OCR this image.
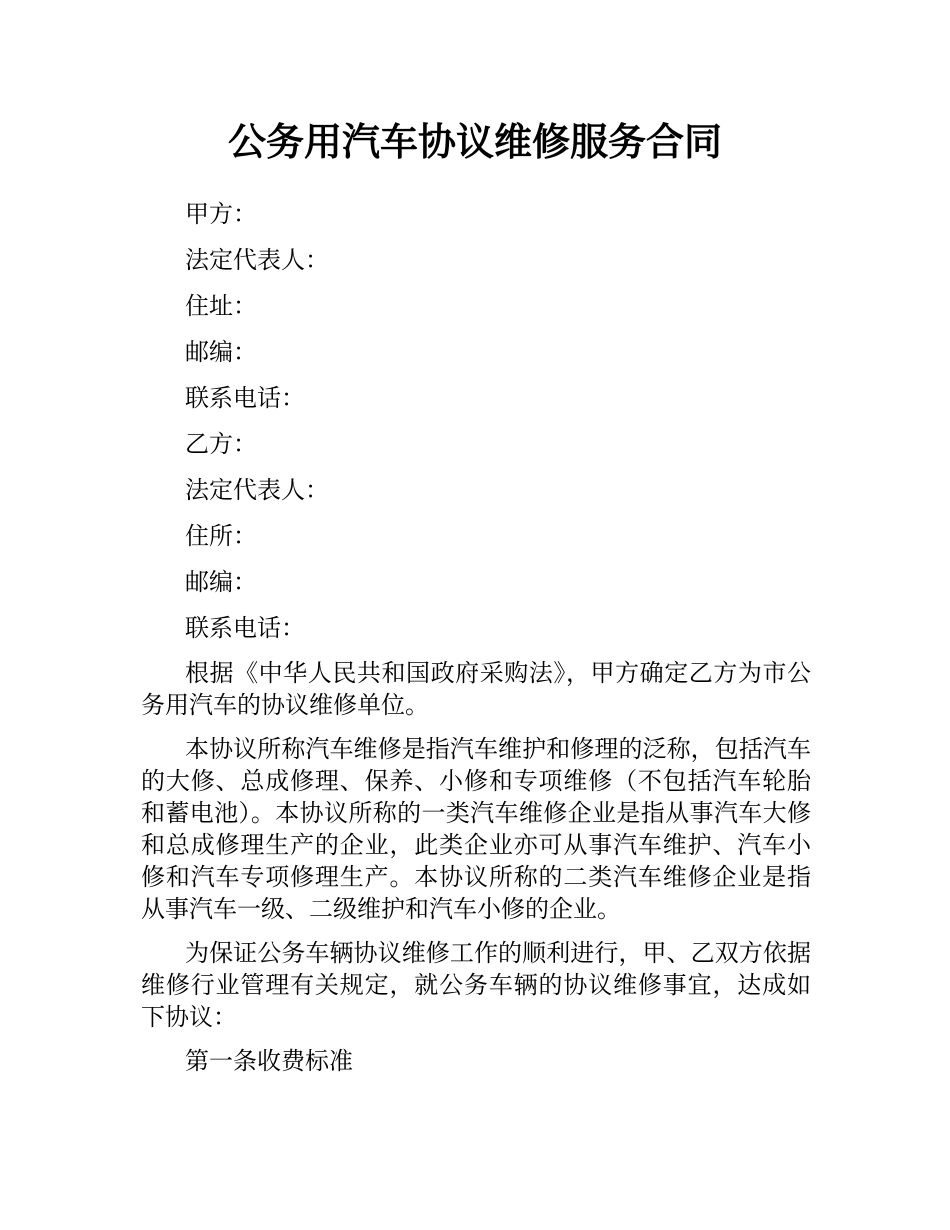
公务用汽车协议维修服务合同
甲方：
法定代表人：
住址：
邮编：
联系电话：
乙方：
法定代表人：
住所：
邮编：
联系电话：

根据《中华人民共和国政府采购法》，甲方确定乙方为市公务用汽车的协议维修单位。

本协议所称汽车维修是指汽车维护和修理的泛称，包括汽车的大修、总成修理、保养、小修和专项维修（不包括汽车轮胎和蓄电池）。本协议所称的一类汽车维修企业是指从事汽车大修和总成修理生产的企业，此类企业亦可从事汽车维护、汽车小修和汽车专项修理生产。本协议所称的二类汽车维修企业是指从事汽车一级、二级维护和汽车小修的企业。

为保证公务车辆协议维修工作的顺利进行，甲、乙双方依据维修行业管理有关规定，就公务车辆的协议维修事宜，达成如下协议：

第一条收费标准
